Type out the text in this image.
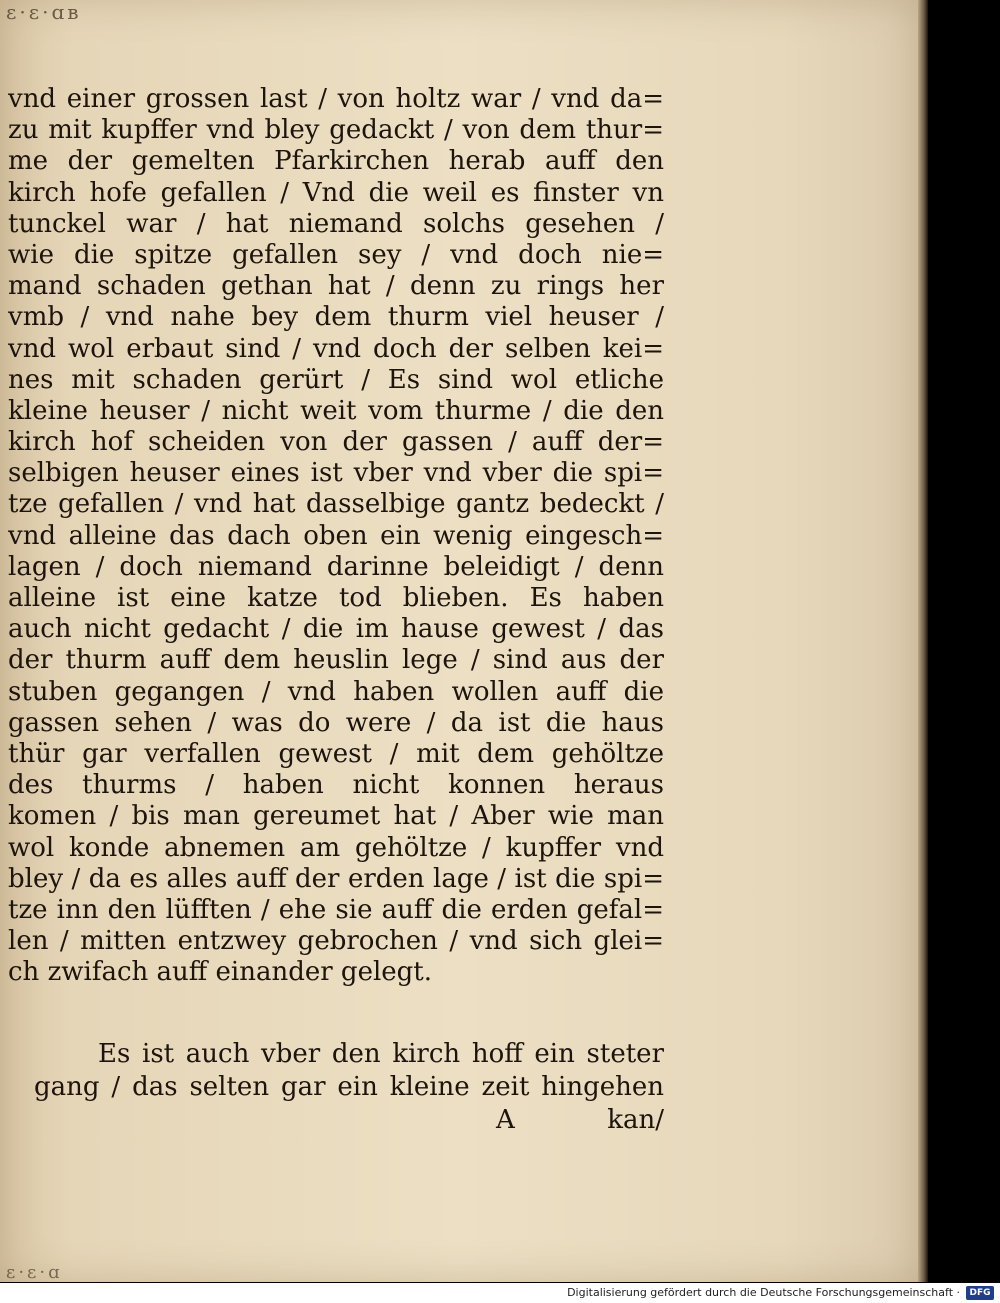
ɛ·ɛ·ɑʙ
ɛ·ɛ·ɑ
vnd einer grossen last / von holtz war / vnd da=
zu mit kupffer vnd bley gedackt / von dem thur=
me der gemelten Pfarkirchen herab auff den
kirch hofe gefallen / Vnd die weil es finster vn
tunckel war / hat niemand solchs gesehen /
wie die spitze gefallen sey / vnd doch nie=
mand schaden gethan hat / denn zu rings her
vmb / vnd nahe bey dem thurm viel heuser /
vnd wol erbaut sind / vnd doch der selben kei=
nes mit schaden gerürt / Es sind wol etliche
kleine heuser / nicht weit vom thurme / die den
kirch hof scheiden von der gassen / auff der=
selbigen heuser eines ist vber vnd vber die spi=
tze gefallen / vnd hat dasselbige gantz bedeckt /
vnd alleine das dach oben ein wenig eingesch=
lagen / doch niemand darinne beleidigt / denn
alleine ist eine katze tod blieben. Es haben
auch nicht gedacht / die im hause gewest / das
der thurm auff dem heuslin lege / sind aus der
stuben gegangen / vnd haben wollen auff die
gassen sehen / was do were / da ist die haus
thür gar verfallen gewest / mit dem gehöltze
des thurms / haben nicht konnen heraus
komen / bis man gereumet hat / Aber wie man
wol konde abnemen am gehöltze / kupffer vnd
bley / da es alles auff der erden lage / ist die spi=
tze inn den lüfften / ehe sie auff die erden gefal=
len / mitten entzwey gebrochen / vnd sich glei=
ch zwifach auff einander gelegt.
Es ist auch vber den kirch hoff ein steter
gang / das selten gar ein kleine zeit hingehen
A	kan/
Digitalisierung gefördert durch die Deutsche Forschungsgemeinschaft ·	DFG
